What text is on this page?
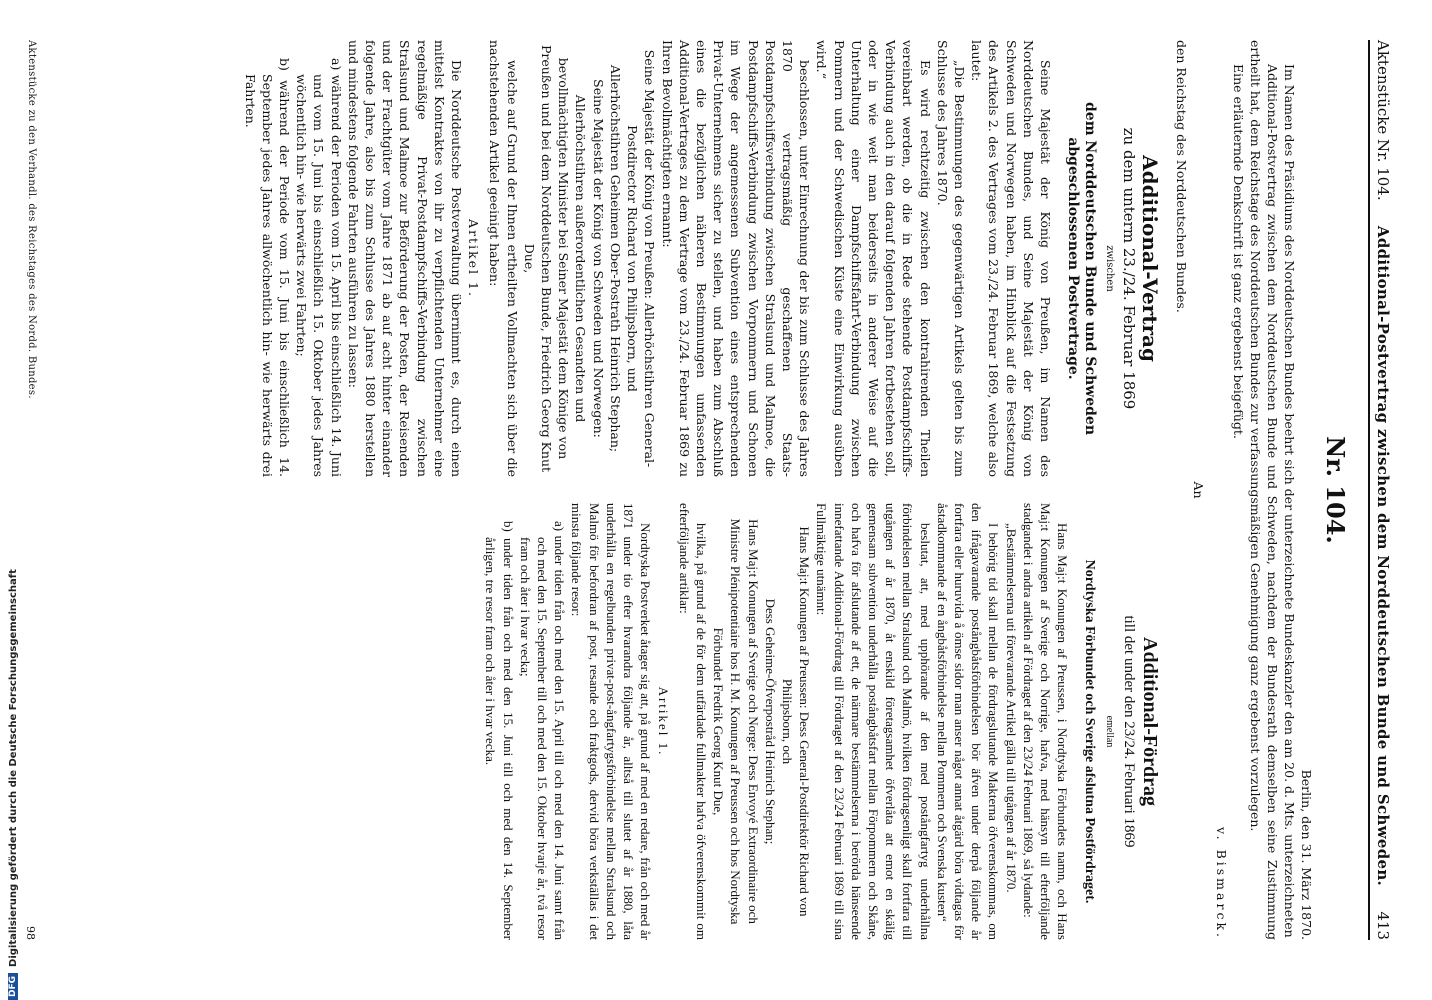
Aktenstücke Nr. 104.
Additional-Postvertrag zwischen dem Norddeutschen Bunde und Schweden.
413
Nr. 104.

Berlin, den 31. März 1870.

Im Namen des Präsidiums des Norddeutschen Bundes beehrt sich der unterzeichnete Bundeskanzler den am 20. d. Mts. unterzeichneten

Additional-Postvertrag zwischen dem Norddeutschen Bunde und Schweden, nachdem der Bundesrath demselben seine Zustimmung ertheilt hat, dem Reichstage des Norddeutschen Bundes zur verfassungsmäßigen Genehmigung ganz ergebenst vorzulegen.

Eine erläuternde Denkschrift ist ganz ergebenst beigefügt.

v. Bismarck.

An
den Reichstag des Norddeutschen Bundes.
Additional-Vertrag

zu dem unterm 23./24. Februar 1869

zwischen

dem Norddeutschen Bunde und Schweden abgeschlossenen Postvertrage.

Seine Majestät der König von Preußen, im Namen des Norddeutschen Bundes, und Seine Majestät der König von Schweden und Norwegen haben, im Hinblick auf die Festsetzung des Artikels 2. des Vertrages vom 23./24. Februar 1869, welche also lautet:

„Die Bestimmungen des gegenwärtigen Artikels gelten bis zum Schlusse des Jahres 1870.

Es wird rechtzeitig zwischen den kontrahirenden Theilen vereinbart werden, ob die in Rede stehende Postdampfschiffs-Verbindung auch in den darauf folgenden Jahren fortbestehen soll, oder in wie weit man beiderseits in anderer Weise auf die Unterhaltung einer Dampfschiffsfahrt-Verbindung zwischen Pommern und der Schwedischen Küste eine Einwirkung ausüben wird.“

beschlossen, unter Einrechnung der bis zum Schlusse des Jahres 1870 vertragsmäßig geschaffenen Staats-Postdampfschiffsverbindung zwischen Stralsund und Malmoe, die Postdampfschiffs-Verbindung zwischen Vorpommern und Schonen im Wege der angemessenen Subvention eines entsprechenden Privat-Unternehmens sicher zu stellen, und haben zum Abschluß eines die bezüglichen näheren Bestimmungen umfassenden Additional-Vertrages zu dem Vertrage vom 23./24. Februar 1869 zu Ihren Bevollmächtigten ernannt:

Seine Majestät der König von Preußen: Allerhöchstihren General-Postdirector Richard von Philipsborn, und

Allerhöchstihren Geheimen Ober-Postrath Heinrich Stephan;

Seine Majestät der König von Schweden und Norwegen: Allerhöchstihren außerordentlichen Gesandten und bevollmächtigten Minister bei Seiner Majestät dem Könige von Preußen und bei dem Norddeutschen Bunde, Friedrich Georg Knut Due,

welche auf Grund der Ihnen ertheilten Vollmachten sich über die nachstehenden Artikel geeinigt haben:

Artikel 1.

Die Norddeutsche Postverwaltung übernimmt es, durch einen mittelst Kontraktes von ihr zu verpflichtenden Unternehmer eine regelmäßige Privat-Postdampfschiffs-Verbindung zwischen Stralsund und Malmoe zur Beförderung der Posten, der Reisenden und der Frachtgüter vom Jahre 1871 ab auf acht hinter einander folgende Jahre, also bis zum Schlusse des Jahres 1880 herstellen und mindestens folgende Fahrten ausführen zu lassen:

a) während der Perioden vom 15. April bis einschließlich 14. Juni und vom 15. Juni bis einschließlich 15. Oktober jedes Jahres wöchentlich hin- wie herwärts zwei Fahrten;

b) während der Periode vom 15. Juni bis einschließlich 14. September jedes Jahres allwöchentlich hin- wie herwärts drei Fahrten.

Additional-Fördrag

till det under den 23/24. Februari 1869

emellan

Nordtyska Förbundet och Sverige afslutna Postfördraget.

Hans Maj:t Konungen af Preussen, i Nordtyska Förbundets namn, och Hans Maj:t Konungen af Sverige och Norrige, hafva, med hänsyn till efterföljande stadgandet i andra artikeln af Fördraget af den 23/24 Februari 1869, så lydande:

„Bestämmelserna uti förevarande Artikel gälla till utgången af år 1870.

I behörig tid skall mellan de fördragslutande Makterna öfverenskommas, om den ifrågavarande postångbåtsförbindelsen bör äfven under derpå följande år fortfara eller huruvida å ömse sidor man anser något annat åtgärd böra vidtagas för åstadkommande af en ångbåtsförbindelse mellan Pommern och Svenska kusten“

beslutat, att, med upphörande af den med postångfartyg underhållna förbindelsen mellan Stralsund och Malmö, hvilken fördragsenligt skall fortfara till utgången af år 1870, åt enskild företagsamhet öfverlåta att emot en skälig gemensam subvention underhålla postångbåtsfart mellan Förpommern och Skåne, och hafva för afslutande af ett, de närmare bestämmelserna i berörda hänseende innefattande Additional-Fördrag till Fördraget af den 23/24 Februari 1869 till sina Fullmäktige utnämnt:

Hans Maj:t Konungen af Preussen: Dess General-Postdirektör Richard von Philipsborn, och

Dess Geheime-Öfverpostråd Heinrich Stephan;

Hans Maj:t Konungen af Sverige och Norge: Dess Envoyé Extraordinaire och Ministre Plénipotentiaire hos H. M. Konungen af Preussen och hos Nordtyska Förbundet Fredrik Georg Knut Due,

hvilka, på grund af de för dem utfärdade fullmakter hafva öfverenskommit om efterföljande artiklar:

Artikel 1.

Nordtyska Postverket åtager sig att, på grund af med en redare, från och med år 1871 under tio efter hvarandra följande år, alltså till slutet af år 1880, låta underhålla en regelbunden privat-post-ångfartygsförbindelse mellan Stralsund och Malmö för befordran af post, resande och fraktgods, dervid böra verkställas i det minsta följande resor:

a) under tiden från och med den 15. April till och med den 14. Juni samt från och med den 15. September till och med den 15. Oktober hvarje år, två resor fram och åter i hvar vecka;

b) under tiden från och med den 15. Juni till och med den 14. September årligen, tre resor fram och åter i hvar vecka.

Aktenstücke zu den Verhandl. des Reichstages des Nordd. Bundes.
98
DFG
Digitalisierung gefördert durch die Deutsche Forschungsgemeinschaft
